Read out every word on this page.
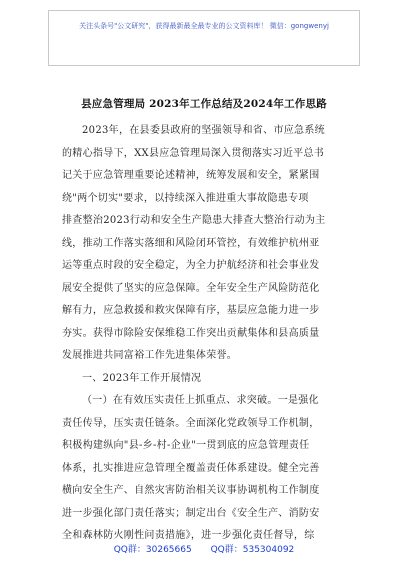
关注头条号"公文研究"，获得最新最全最专业的公文资料库！ 微信：gongwenyj
县应急管理局 2023年工作总结及2024年工作思路
2023年，在县委县政府的坚强领导和省、市应急系统
的精心指导下，XX县应急管理局深入贯彻落实习近平总书
记关于应急管理重要论述精神，统筹发展和安全，紧紧围
绕"两个切实"要求，以持续深入推进重大事故隐患专项
排查整治2023行动和安全生产隐患大排查大整治行动为主
线，推动工作落实落细和风险闭环管控，有效维护杭州亚
运等重点时段的安全稳定，为全力护航经济和社会事业发
展安全提供了坚实的应急保障。全年安全生产风险防范化
解有力，应急救援和救灾保障有序，基层应急能力进一步
夯实。获得市除险安保维稳工作突出贡献集体和县高质量
发展推进共同富裕工作先进集体荣誉。
一、2023年工作开展情况
（一）在有效压实责任上抓重点、求突破。一是强化
责任传导，压实责任链条。全面深化党政领导工作机制，
积极构建纵向"县-乡-村-企业"一贯到底的应急管理责任
体系，扎实推进应急管理全覆盖责任体系建设。健全完善
横向安全生产、自然灾害防治相关议事协调机构工作制度
进一步强化部门责任落实；制定出台《安全生产、消防安
全和森林防火刚性问责措施》，进一步强化责任督导，综
QQ群：30265665 QQ群：535304092
